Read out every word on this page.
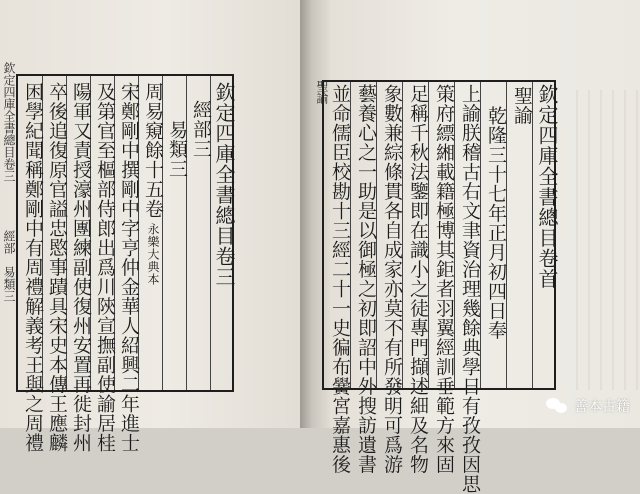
欽定四庫全書總目卷三
經部　易類三 困學紀聞稱鄭剛中有周禮解義考王與之周禮 卒後追復原官謚忠愍事蹟具宋史本傳王應麟 陽軍又責授濠州團練副使復州安置再徙封州 及第官至樞部侍郎出爲川陝宣撫副使諭居桂 宋鄭剛中撰剛中字亨仲金華人紹興二年進士 周易窺餘十五卷永樂大典本
易類三 經部三 欽定四庫全書總目卷三	聖諭 並命儒臣校勘十三經二十一史徧布黌宮嘉惠後 藝養心之一助是以御極之初即詔中外搜訪遺書 象數兼綜條貫各自成家亦莫不有所發明可爲游 足稱千秋法鑒即在識小之徒專門擷述細及名物 策府縹緗載籍極博其鉅者羽翼經訓垂範方來固 上諭朕稽古右文聿資治理幾餘典學日有孜孜因思 乾隆三十七年正月初四日奉
聖諭 欽定四庫全書總目卷首
善本古籍
